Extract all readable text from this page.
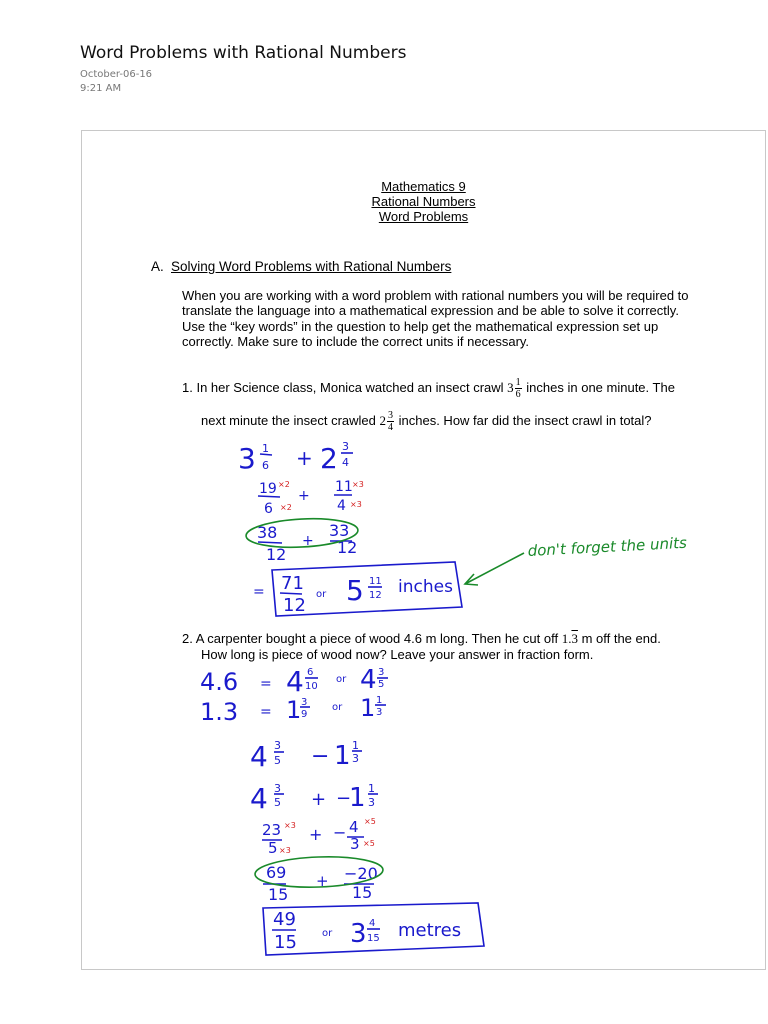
Word Problems with Rational Numbers
October-06-16
9:21 AM
Mathematics 9
Rational Numbers
Word Problems
A. Solving Word Problems with Rational Numbers
When you are working with a word problem with rational numbers you will be required to
translate the language into a mathematical expression and be able to solve it correctly.
Use the “key words” in the question to help get the mathematical expression set up
correctly. Make sure to include the correct units if necessary.
1. In her Science class, Monica watched an insect crawl $3 \frac{1}{6}$ inches in one minute. The
next minute the insect crawled $2 \frac{3}{4}$ inches. How far did the insect crawl in total?
2. A carpenter bought a piece of wood 4.6 m long. Then he cut off 1.3 m off the end.
How long is piece of wood now? Leave your answer in fraction form.
3 1
6 + 2 3
4
19
6
+
11
4
38
12
+
33
12
= 71
12
or 5 11
12 inches
4.6 = 4 6
10
or 4 3
5
1.3 = 1 3
9
or 1 1
3
4 3
5 − 1 1
3
4 3
5 + −
1 1
3
23
5
+ − 4
3
69
15
+ −20
15
49
15	or 3 4
15 metres
×2
×2
×3
×3
×3
×3
×5
×5
don't forget the units
